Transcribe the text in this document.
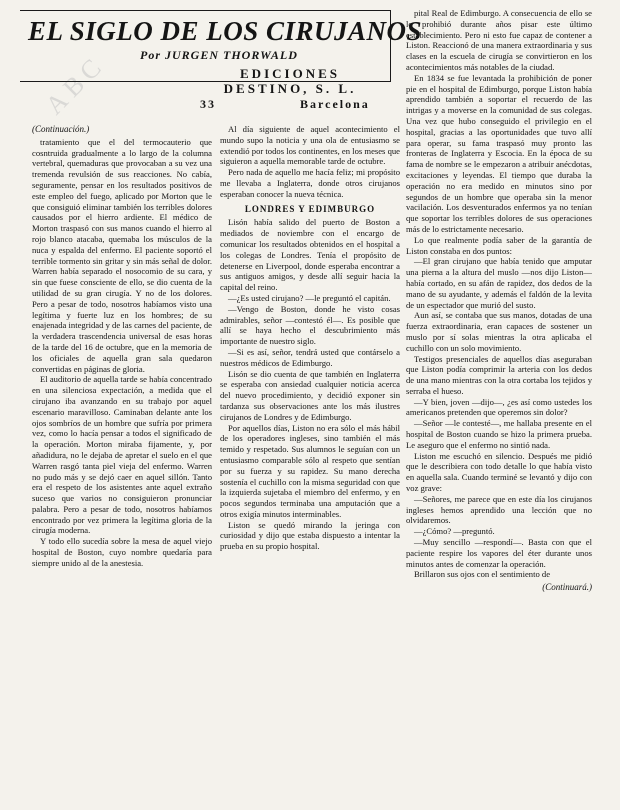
ABC
EL SIGLO DE LOS CIRUJANOS
Por JURGEN THORWALD
EDICIONES
DESTINO, S. L.
33	Barcelona
(Continuación.)

tratamiento que el del termocauterio que cosntruida gradualmente a lo largo de la columna vertebral, quemaduras que provocaban a su vez una tremenda revulsión de sus reacciones. No cabía, seguramente, pensar en los resultados positivos de este empleo del fuego, aplicado por Morton que le que consiguió eliminar también los terribles dolores causados por el hierro ardiente. El médico de Morton traspasó con sus manos cuando el hierro al rojo blanco atacaba, quemaba los músculos de la nuca y espalda del enfermo. El paciente soportó el terrible tormento sin gritar y sin más señal de dolor. Warren había separado el nosocomio de su cara, y sin que fuese consciente de ello, se dio cuenta de la utilidad de su gran cirugía. Y no de los dolores. Pero a pesar de todo, nosotros habíamos visto una legítima y fuerte luz en los hombres; de su enajenada integridad y de las carnes del paciente, de la verdadera trascendencia universal de esas horas de la tarde del 16 de octubre, que en la memoria de los oficiales de aquella gran sala quedaron convertidas en páginas de gloria.

El auditorio de aquella tarde se había concentrado en una silenciosa expectación, a medida que el cirujano iba avanzando en su trabajo por aquel escenario maravilloso. Caminaban delante ante los ojos sombríos de un hombre que sufría por primera vez, como lo hacía pensar a todos el significado de la operación. Morton miraba fijamente, y, por añadidura, no le dejaba de apretar el suelo en el que Warren rasgó tanta piel vieja del enfermo. Warren no pudo más y se dejó caer en aquel sillón. Tanto era el respeto de los asistentes ante aquel extraño suceso que varios no consiguieron pronunciar palabra. Pero a pesar de todo, nosotros habíamos encontrado por vez primera la legítima gloria de la cirugía moderna.

Y todo ello sucedía sobre la mesa de aquel viejo hospital de Boston, cuyo nombre quedaría para siempre unido al de la anestesia.

Al día siguiente de aquel acontecimiento el mundo supo la noticia y una ola de entusiasmo se extendió por todos los continentes, en los meses que siguieron a aquella memorable tarde de octubre.

Pero nada de aquello me hacía feliz; mi propósito me llevaba a Inglaterra, donde otros cirujanos esperaban conocer la nueva técnica.

LONDRES Y EDIMBURGO

Lisón había salido del puerto de Boston a mediados de noviembre con el encargo de comunicar los resultados obtenidos en el hospital a los colegas de Londres. Tenía el propósito de detenerse en Liverpool, donde esperaba encontrar a sus antiguos amigos, y desde allí seguir hacia la capital del reino.

—¿Es usted cirujano? —le preguntó el capitán.

—Vengo de Boston, donde he visto cosas admirables, señor —contestó él—. Es posible que allí se haya hecho el descubrimiento más importante de nuestro siglo.

—Si es así, señor, tendrá usted que contárselo a nuestros médicos de Edimburgo.

Lisón se dio cuenta de que también en Inglaterra se esperaba con ansiedad cualquier noticia acerca del nuevo procedimiento, y decidió exponer sin tardanza sus observaciones ante los más ilustres cirujanos de Londres y de Edimburgo.

Por aquellos días, Liston no era sólo el más hábil de los operadores ingleses, sino también el más temido y respetado. Sus alumnos le seguían con un entusiasmo comparable sólo al respeto que sentían por su fuerza y su rapidez. Su mano derecha sostenía el cuchillo con la misma seguridad con que la izquierda sujetaba el miembro del enfermo, y en pocos segundos terminaba una amputación que a otros exigía minutos interminables.

Liston se quedó mirando la jeringa con curiosidad y dijo que estaba dispuesto a intentar la prueba en su propio hospital.

pital Real de Edimburgo. A consecuencia de ello se lo prohibió durante años pisar este último establecimiento. Pero ni esto fue capaz de contener a Liston. Reaccionó de una manera extraordinaria y sus clases en la escuela de cirugía se convirtieron en los acontecimientos más notables de la ciudad.

En 1834 se fue levantada la prohibición de poner pie en el hospital de Edimburgo, porque Liston había aprendido también a soportar el recuerdo de las intrigas y a moverse en la comunidad de sus colegas. Una vez que hubo conseguido el privilegio en el hospital, gracias a las oportunidades que tuvo allí para operar, su fama traspasó muy pronto las fronteras de Inglaterra y Escocia. En la época de su fama de nombre se le empezaron a atribuir anécdotas, excitaciones y leyendas. El tiempo que duraba la operación no era medido en minutos sino por segundos de un hombre que operaba sin la menor vacilación. Los desventurados enfermos ya no tenían que soportar los terribles dolores de sus operaciones más de lo estrictamente necesario.

Lo que realmente podía saber de la garantía de Liston constaba en dos puntos:

—El gran cirujano que había tenido que amputar una pierna a la altura del muslo —nos dijo Liston— había cortado, en su afán de rapidez, dos dedos de la mano de su ayudante, y además el faldón de la levita de un espectador que murió del susto.

Aun así, se contaba que sus manos, dotadas de una fuerza extraordinaria, eran capaces de sostener un muslo por sí solas mientras la otra aplicaba el cuchillo con un solo movimiento.

Testigos presenciales de aquellos días aseguraban que Liston podía comprimir la arteria con los dedos de una mano mientras con la otra cortaba los tejidos y serraba el hueso.

—Y bien, joven —dijo—, ¿es así como ustedes los americanos pretenden que operemos sin dolor?

—Señor —le contesté—, me hallaba presente en el hospital de Boston cuando se hizo la primera prueba. Le aseguro que el enfermo no sintió nada.

Liston me escuchó en silencio. Después me pidió que le describiera con todo detalle lo que había visto en aquella sala. Cuando terminé se levantó y dijo con voz grave:

—Señores, me parece que en este día los cirujanos ingleses hemos aprendido una lección que no olvidaremos.

—¿Cómo? —preguntó.

—Muy sencillo —respondí—. Basta con que el paciente respire los vapores del éter durante unos minutos antes de comenzar la operación.

Brillaron sus ojos con el sentimiento de

(Continuará.)
